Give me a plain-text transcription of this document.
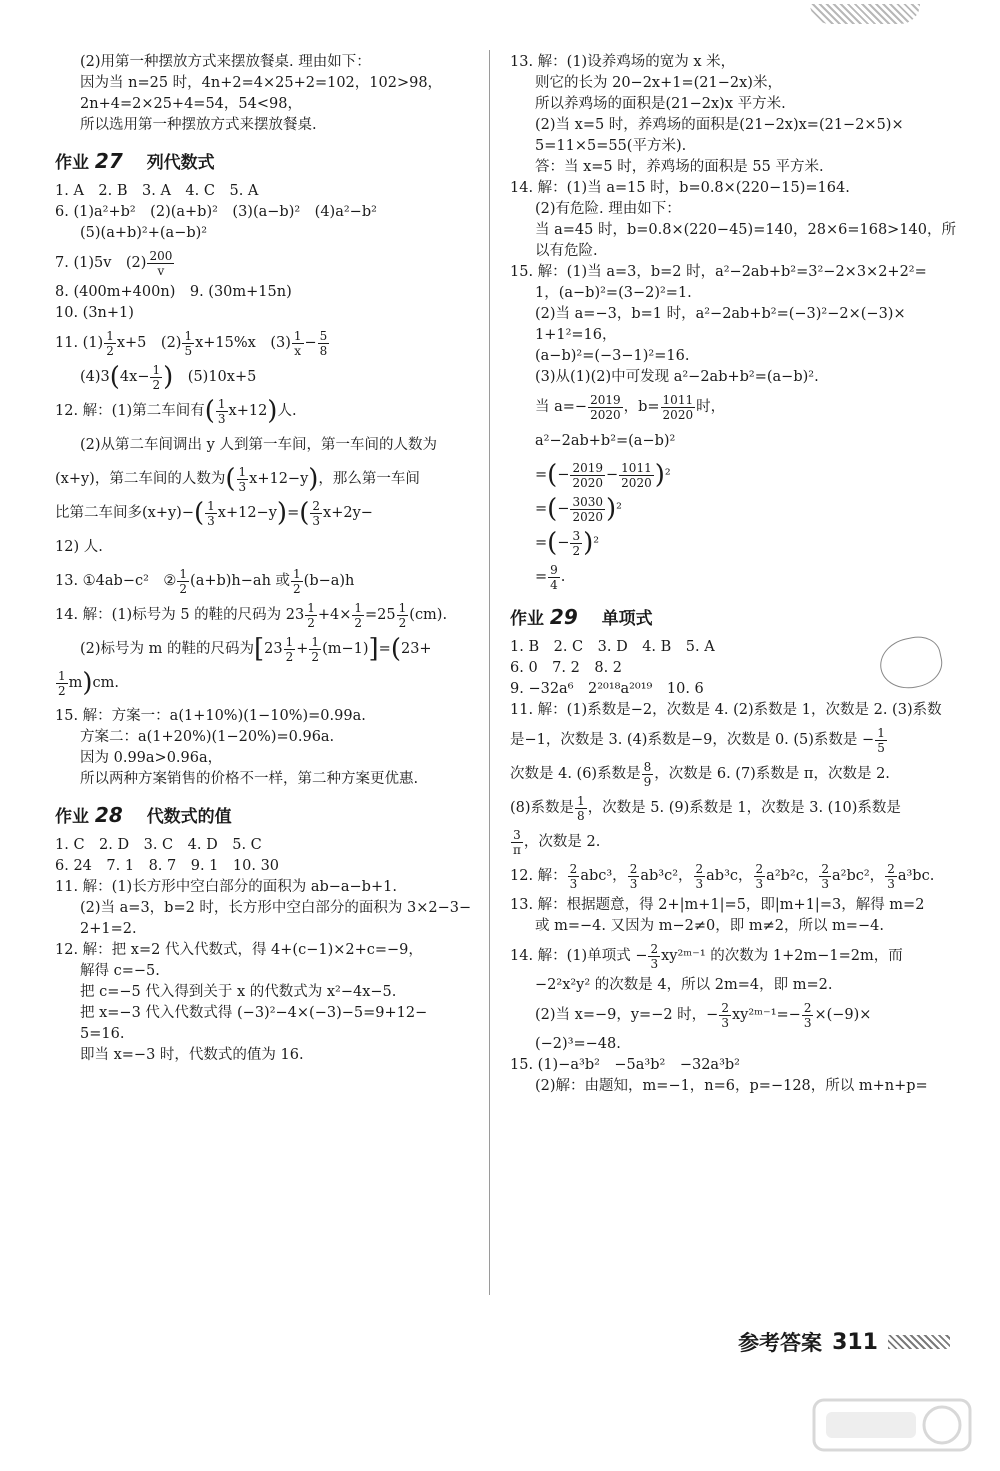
(2)用第一种摆放方式来摆放餐桌. 理由如下：
因为当 n=25 时，4n+2=4×25+2=102，102>98，
2n+4=2×25+4=54，54<98，
所以选用第一种摆放方式来摆放餐桌.
作业 27 列代数式
1. A　2. B　3. A　4. C　5. A
6. (1)a²+b²　(2)(a+b)²　(3)(a−b)²　(4)a²−b²
(5)(a+b)²+(a−b)²
7. (1)5v　$(2) \frac{200}{v}$
8. (400m+400n)　9. (30m+15n)
10. (3n+1)
11. $(1) \frac{1}{2} x+5$　$(2) \frac{1}{5} x+15\%x$　$(3) \frac{1}{x} - \frac{5}{8}$
$(4)3(4x- \frac{1}{2}$ )　 (5)10x+5
12. 解：(1)第二车间有( $\frac{1}{3} x+12$)人.
(2)从第二车间调出 y 人到第一车间，第一车间的人数为
(x+y)，第二车间的人数为( $\frac{1}{3} x+12-y$)，那么第一车间
比第二车间多$(x+y)-( \frac{1}{3} x+12-y)=( \frac{2}{3} x+2y-$
12) 人.
13. ①4ab−c²　② $\frac{1}{2} (a+b)h-ah$ 或 $\frac{1}{2} (b-a)h$
14. 解：(1)标号为 5 的鞋的尺码为 $23 \frac{1}{2} +4\times \frac{1}{2} =25 \frac{1}{2} (cm)$.
(2)标号为 m 的鞋的尺码为$[23 \frac{1}{2} + \frac{1}{2} (m-1)]=(23+$
$\frac{1}{2} m)cm$.
15. 解：方案一：a(1+10%)(1−10%)=0.99a.
方案二：a(1+20%)(1−20%)=0.96a.
因为 0.99a>0.96a，
所以两种方案销售的价格不一样，第二种方案更优惠.
作业 28 代数式的值
1. C　2. D　3. C　4. D　5. C
6. 24　7. 1　8. 7　9. 1　10. 30
11. 解：(1)长方形中空白部分的面积为 ab−a−b+1.
(2)当 a=3，b=2 时，长方形中空白部分的面积为 3×2−3−
2+1=2.
12. 解：把 x=2 代入代数式，得 4+(c−1)×2+c=−9，
解得 c=−5.
把 c=−5 代入得到关于 x 的代数式为 x²−4x−5.
把 x=−3 代入代数式得 (−3)²−4×(−3)−5=9+12−
5=16.
即当 x=−3 时，代数式的值为 16.
13. 解：(1)设养鸡场的宽为 x 米，
则它的长为 20−2x+1=(21−2x)米，
所以养鸡场的面积是(21−2x)x 平方米.
(2)当 x=5 时，养鸡场的面积是(21−2x)x=(21−2×5)×
5=11×5=55(平方米).
答：当 x=5 时，养鸡场的面积是 55 平方米.
14. 解：(1)当 a=15 时，b=0.8×(220−15)=164.
(2)有危险. 理由如下：
当 a=45 时，b=0.8×(220−45)=140，28×6=168>140，所
以有危险.
15. 解：(1)当 a=3，b=2 时，a²−2ab+b²=3²−2×3×2+2²=
1，(a−b)²=(3−2)²=1.
(2)当 a=−3，b=1 时，a²−2ab+b²=(−3)²−2×(−3)×
1+1²=16，
(a−b)²=(−3−1)²=16.
(3)从(1)(2)中可发现 a²−2ab+b²=(a−b)².
当 $a=- \frac{2019}{2020}$ ，$b= \frac{1011}{2020}$ 时，
a²−2ab+b²=(a−b)²
=(− $\frac{2019}{2020} - \frac{1011}{2020} )^2$
=(− $\frac{3030}{2020} )^2$
=(− $\frac{3}{2} )^2$
= $\frac{9}{4}$ .
作业 29 单项式
1. B　2. C　3. D　4. B　5. A
6. 0　7. 2　8. 2
9. −32a⁶　2²⁰¹⁸a²⁰¹⁹　10. 6
11. 解：(1)系数是−2，次数是 4. (2)系数是 1，次数是 2. (3)系数
是−1，次数是 3. (4)系数是−9，次数是 0. (5)系数是 − $\frac{1}{5}$
次数是 4. (6)系数是 $\frac{8}{9}$ ，次数是 6. (7)系数是 π，次数是 2.
(8)系数是 $\frac{1}{8}$ ，次数是 5. (9)系数是 1，次数是 3. (10)系数是
$\frac{3}{\pi}$ ，次数是 2.
12. 解： $\frac{2}{3} abc^3$， $\frac{2}{3} ab^3c^2$， $\frac{2}{3} ab^3c$， $\frac{2}{3} a^2b^2c$， $\frac{2}{3} a^2bc^2$， $\frac{2}{3} a^3bc$.
13. 解：根据题意，得 2+|m+1|=5，即|m+1|=3，解得 m=2
或 m=−4. 又因为 m−2≠0，即 m≠2，所以 m=−4.
14. 解：(1)单项式 − $\frac{2}{3}$ xy²ᵐ⁻¹ 的次数为 1+2m−1=2m，而
−2²x²y² 的次数是 4，所以 2m=4，即 m=2.
(2)当 x=−9，y=−2 时，− $\frac{2}{3}$ xy²ᵐ⁻¹=− $\frac{2}{3} \times(-9)\times$
(−2)³=−48.
15. (1)−a³b²　−5a³b²　−32a³b²
(2)解：由题知，m=−1，n=6，p=−128，所以 m+n+p=
参考答案 311
